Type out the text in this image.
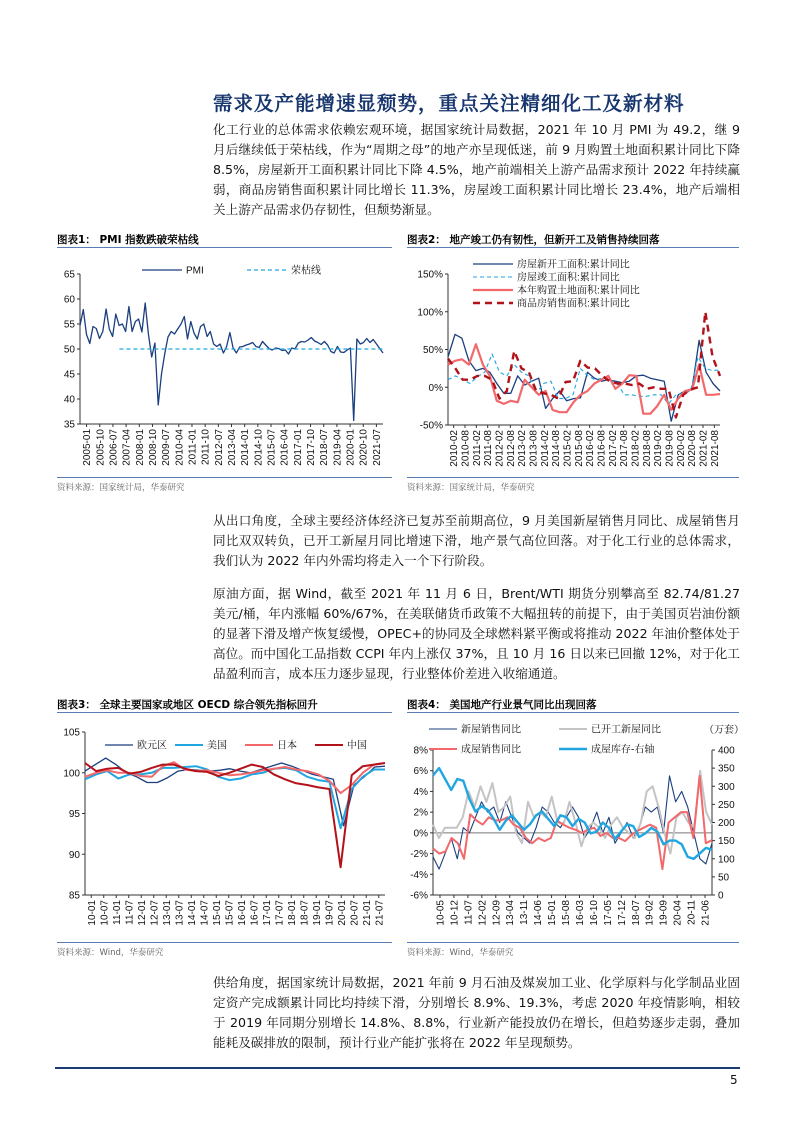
需求及产能增速显颓势，重点关注精细化工及新材料
化工行业的总体需求依赖宏观环境，据国家统计局数据，2021 年 10 月 PMI 为 49.2，继 9 月后继续低于荣枯线，作为“周期之母”的地产亦呈现低迷，前 9 月购置土地面积累计同比下降 8.5%，房屋新开工面积累计同比下降 4.5%，地产前端相关上游产品需求预计 2022 年持续赢弱，商品房销售面积累计同比增长 11.3%，房屋竣工面积累计同比增长 23.4%，地产后端相关上游产品需求仍存韧性，但颓势渐显。
图表1： PMI 指数跌破荣枯线
35
40
45
50
55
60
65
2005-01 2005-10 2006-07 2007-04 2008-01 2008-10 2009-07 2010-04 2011-01 2011-10 2012-07 2013-04 2014-01 2014-10 2015-07 2016-04 2017-01 2017-10 2018-07 2019-04 2020-01 2020-10 2021-07
PMI	荣枯线
资料来源：国家统计局，华泰研究
图表2： 地产竣工仍有韧性，但新开工及销售持续回落
-50%
0%
50%
100%
150%
2010-02 2010-08 2011-02 2011-08 2012-02 2012-08 2013-02 2013-08 2014-02 2014-08 2015-02 2015-08 2016-02 2016-08 2017-02 2017-08 2018-02 2018-08 2019-02 2019-08 2020-02 2020-08 2021-02 2021-08
房屋新开工面积:累计同比
房屋竣工面积:累计同比
本年购置土地面积:累计同比
商品房销售面积:累计同比
资料来源：国家统计局，华泰研究
从出口角度，全球主要经济体经济已复苏至前期高位，9 月美国新屋销售月同比、成屋销售月同比双双转负，已开工新屋月同比增速下滑，地产景气高位回落。对于化工行业的总体需求，我们认为 2022 年内外需均将走入一个下行阶段。
原油方面，据 Wind，截至 2021 年 11 月 6 日，Brent/WTI 期货分别攀高至 82.74/81.27 美元/桶，年内涨幅 60%/67%，在美联储货币政策不大幅扭转的前提下，由于美国页岩油份额的显著下滑及增产恢复缓慢，OPEC+的协同及全球燃料紧平衡或将推动 2022 年油价整体处于高位。而中国化工品指数 CCPI 年内上涨仅 37%，且 10 月 16 日以来已回撤 12%，对于化工品盈利而言，成本压力逐步显现，行业整体价差进入收缩通道。
图表3： 全球主要国家或地区 OECD 综合领先指标回升
85
90
95
100
105
10-01 10-07 11-01 11-07 12-01 12-07 13-01 13-07 14-01 14-07 15-01 15-07 16-01 16-07 17-01 17-07 18-01 18-07 19-01 19-07 20-01 20-07 21-01 21-07
欧元区	美国	日本	中国
资料来源：Wind，华泰研究
图表4： 美国地产行业景气同比出现回落
-6%
-4%
-2%
0%
2%
4%
6%
8%
10-05 10-12 11-07 12-02 12-09 13-04 13-11 14-06 15-01 15-08 16-03 16-10 17-05 17-12 18-07 19-02 19-09 20-04 20-11 21-06
0
50
100
150
200
250
300
350
400
（万套）
新屋销售同比	已开工新屋同比
成屋销售同比	成屋库存-右轴
资料来源：Wind，华泰研究
供给角度，据国家统计局数据，2021 年前 9 月石油及煤炭加工业、化学原料与化学制品业固定资产完成额累计同比均持续下滑，分别增长 8.9%、19.3%，考虑 2020 年疫情影响，相较于 2019 年同期分别增长 14.8%、8.8%，行业新产能投放仍在增长，但趋势逐步走弱，叠加能耗及碳排放的限制，预计行业产能扩张将在 2022 年呈现颓势。
5
